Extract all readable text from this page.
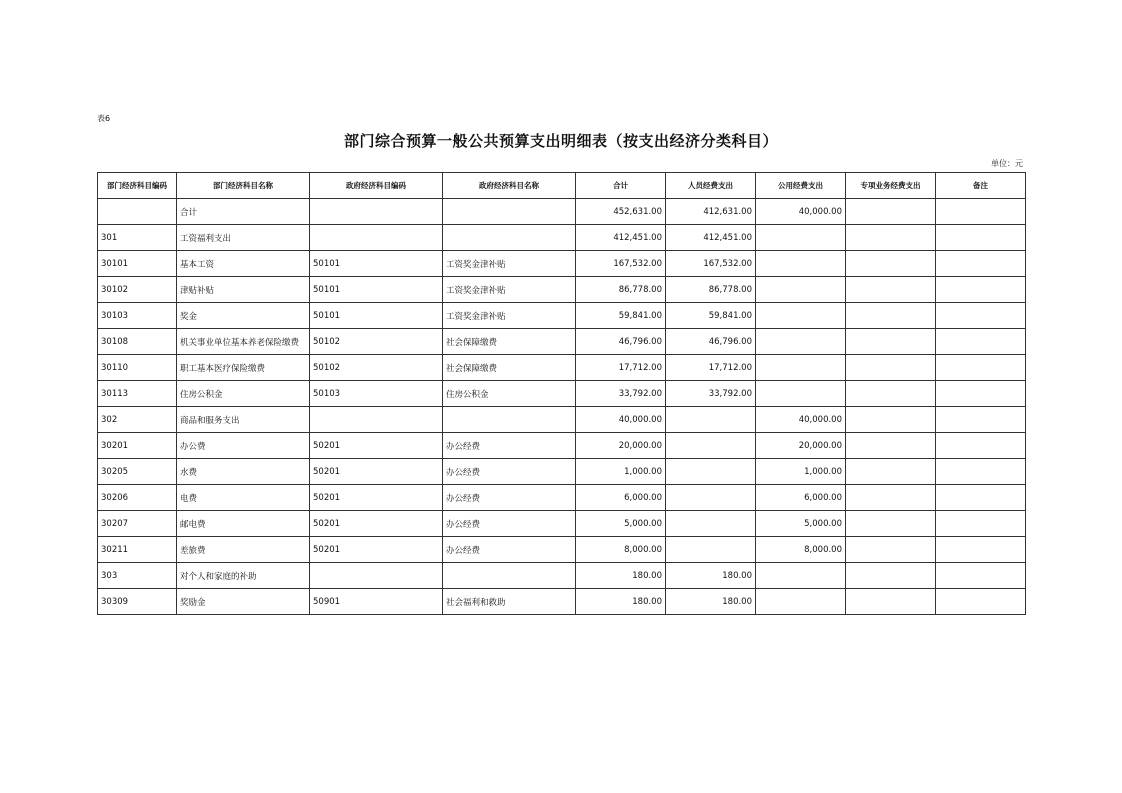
表6
部门综合预算一般公共预算支出明细表（按支出经济分类科目）
单位：元
部门经济科目编码	部门经济科目名称	政府经济科目编码	政府经济科目名称	合计	人员经费支出	公用经费支出	专项业务经费支出	备注
	合计			452,631.00	412,631.00	40,000.00		
301	工资福利支出			412,451.00	412,451.00			
30101	基本工资	50101	工资奖金津补贴	167,532.00	167,532.00			
30102	津贴补贴	50101	工资奖金津补贴	86,778.00	86,778.00			
30103	奖金	50101	工资奖金津补贴	59,841.00	59,841.00			
30108	机关事业单位基本养老保险缴费	50102	社会保障缴费	46,796.00	46,796.00			
30110	职工基本医疗保险缴费	50102	社会保障缴费	17,712.00	17,712.00			
30113	住房公积金	50103	住房公积金	33,792.00	33,792.00			
302	商品和服务支出			40,000.00		40,000.00		
30201	办公费	50201	办公经费	20,000.00		20,000.00		
30205	水费	50201	办公经费	1,000.00		1,000.00		
30206	电费	50201	办公经费	6,000.00		6,000.00		
30207	邮电费	50201	办公经费	5,000.00		5,000.00		
30211	差旅费	50201	办公经费	8,000.00		8,000.00		
303	对个人和家庭的补助			180.00	180.00			
30309	奖励金	50901	社会福利和救助	180.00	180.00			
